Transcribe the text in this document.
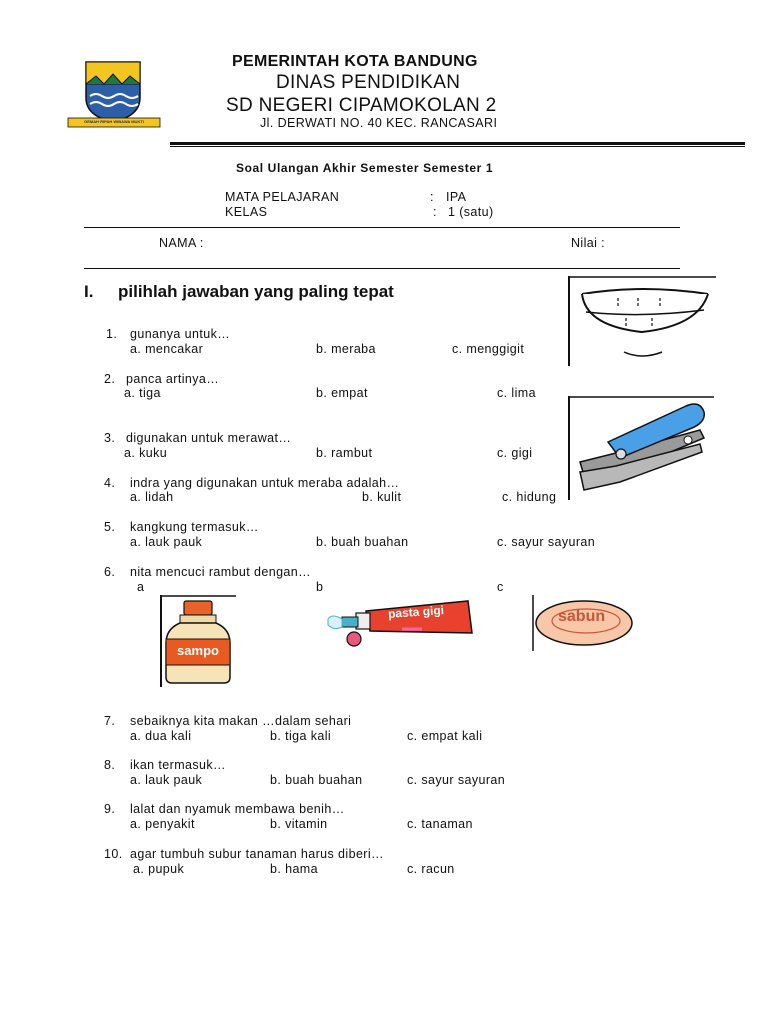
GEMAH RIPAH WIBAWA MUKTI
PEMERINTAH KOTA BANDUNG
DINAS PENDIDIKAN
SD NEGERI CIPAMOKOLAN 2
Jl. DERWATI NO. 40 KEC. RANCASARI
Soal Ulangan Akhir Semester Semester 1
MATA PELAJARAN	: IPA
KELAS	: 1 (satu)
NAMA :	Nilai :
I. pilihlah jawaban yang paling tepat
1. gunanya untuk…
a. mencakar	b. meraba	c. menggigit
2. panca artinya…
a. tiga	b. empat	c. lima
3. digunakan untuk merawat…
a. kuku	b. rambut	c. gigi
4. indra yang digunakan untuk meraba adalah…
a. lidah	b. kulit	c. hidung
5. kangkung termasuk…
a. lauk pauk	b. buah buahan	c. sayur sayuran
6. nita mencuci rambut dengan…
a	b	c
7. sebaiknya kita makan …dalam sehari
a. dua kali	b. tiga kali	c. empat kali
8. ikan termasuk…
a. lauk pauk	b. buah buahan	c. sayur sayuran
9. lalat dan nyamuk membawa benih…
a. penyakit	b. vitamin	c. tanaman
10. agar tumbuh subur tanaman harus diberi…
a. pupuk	b. hama	c. racun
sampo
pasta gigi	sabun
